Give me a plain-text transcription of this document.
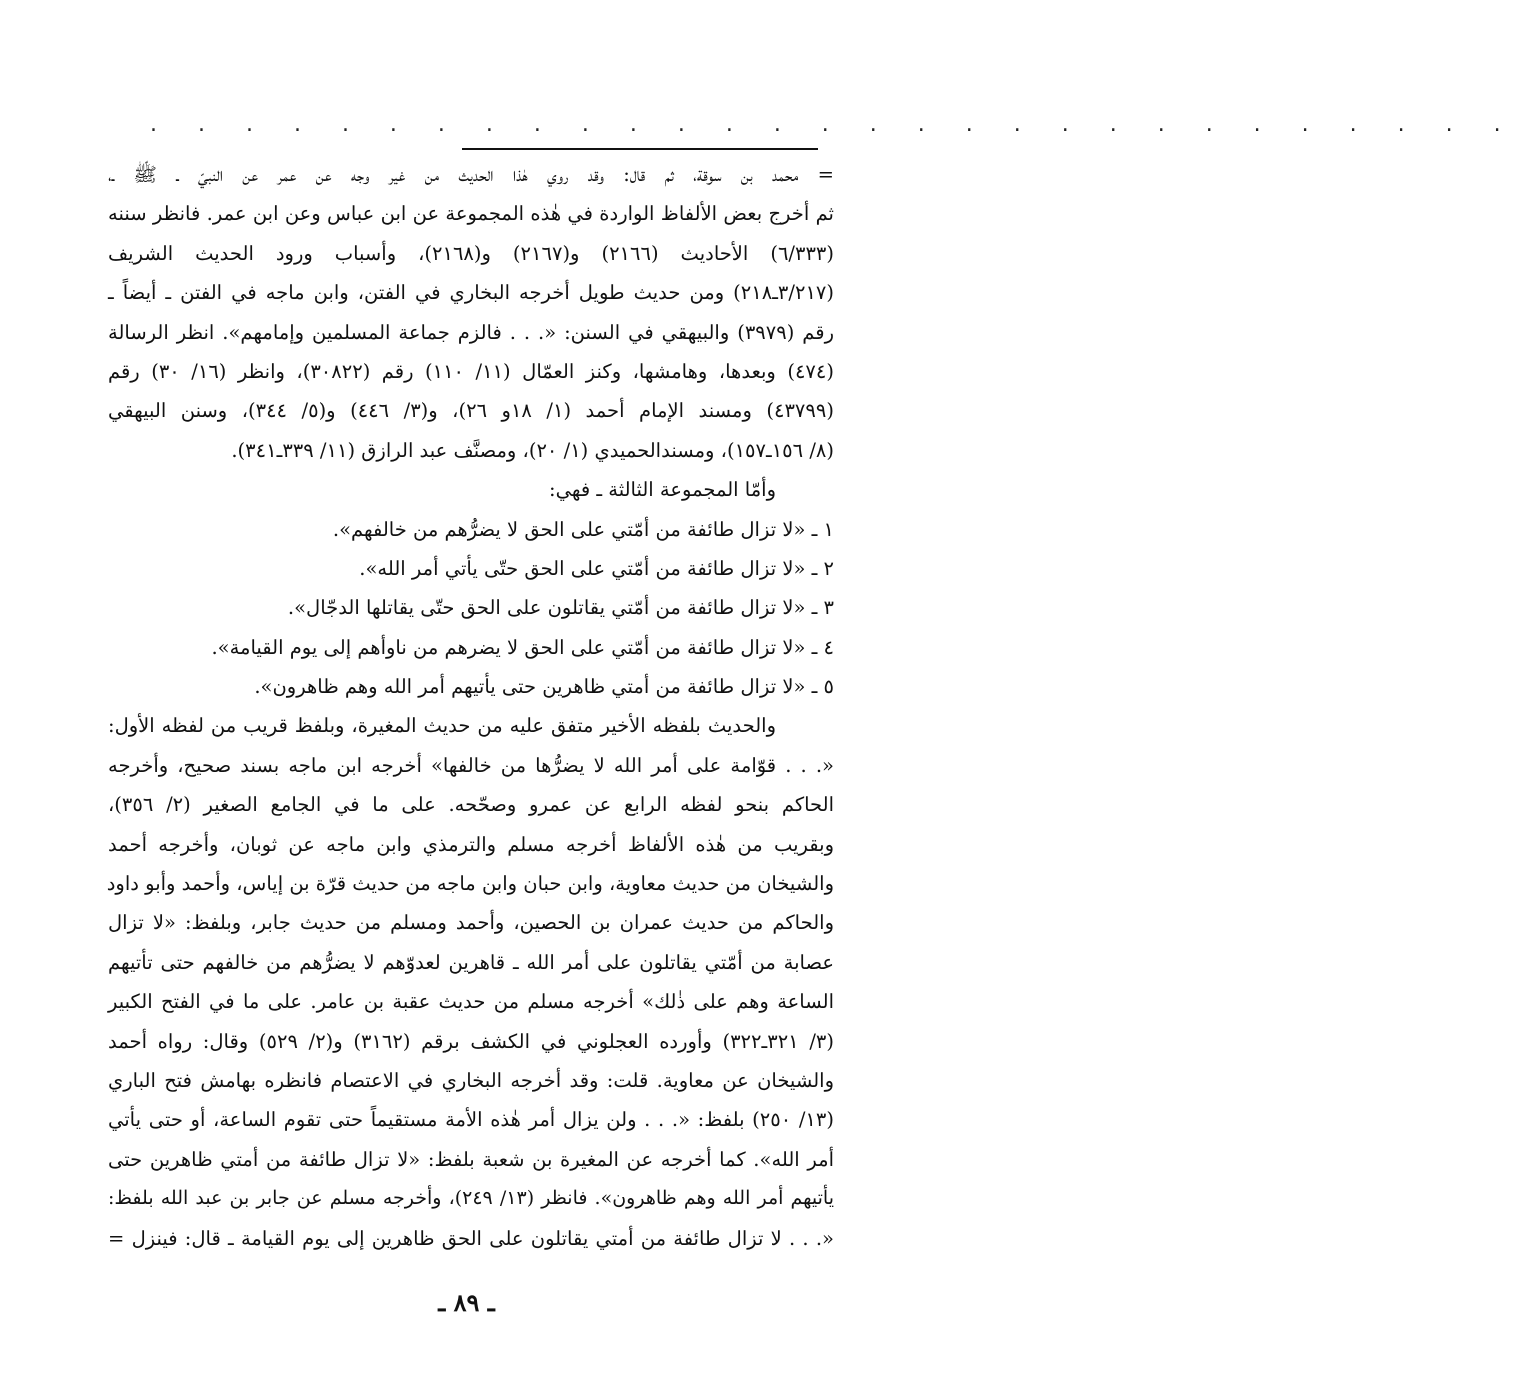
. . . . . . . . . . . . . . . . . . . . . . . . . . . . .
= محمد بن سوقة، ثم قال: وقد روي هٰذا الحديث من غير وجه عن عمر عن النبيّ ـ ﷺ ـ،
ثم أخرج بعض الألفاظ الواردة في هٰذه المجموعة عن ابن عباس وعن ابن عمر. فانظر سننه
(٦/٣٣٣) الأحاديث (٢١٦٦) و(٢١٦٧) و(٢١٦٨)، وأسباب ورود الحديث الشريف
(٣/٢١٧ـ٢١٨) ومن حديث طويل أخرجه البخاري في الفتن، وابن ماجه في الفتن ـ أيضاً ـ
رقم (٣٩٧٩) والبيهقي في السنن: «. . . فالزم جماعة المسلمين وإمامهم». انظر الرسالة
(٤٧٤) وبعدها، وهامشها، وكنز العمّال (١١/ ١١٠) رقم (٣٠٨٢٢)، وانظر (١٦/ ٣٠) رقم
(٤٣٧٩٩) ومسند الإمام أحمد (١/ ١٨و ٢٦)، و(٣/ ٤٤٦) و(٥/ ٣٤٤)، وسنن البيهقي
(٨/ ١٥٦ـ١٥٧)، ومسندالحميدي (١/ ٢٠)، ومصنَّف عبد الرازق (١١/ ٣٣٩ـ٣٤١).
وأمّا المجموعة الثالثة ـ فهي:
١ ـ «لا تزال طائفة من أمّتي على الحق لا يضرُّهم من خالفهم».
٢ ـ «لا تزال طائفة من أمّتي على الحق حتّى يأتي أمر الله».
٣ ـ «لا تزال طائفة من أمّتي يقاتلون على الحق حتّى يقاتلها الدجّال».
٤ ـ «لا تزال طائفة من أمّتي على الحق لا يضرهم من ناوأهم إلى يوم القيامة».
٥ ـ «لا تزال طائفة من أمتي ظاهرين حتى يأتيهم أمر الله وهم ظاهرون».
والحديث بلفظه الأخير متفق عليه من حديث المغيرة، وبلفظ قريب من لفظه الأول:
«. . . قوّامة على أمر الله لا يضرُّها من خالفها» أخرجه ابن ماجه بسند صحيح، وأخرجه
الحاكم بنحو لفظه الرابع عن عمرو وصحّحه. على ما في الجامع الصغير (٢/ ٣٥٦)،
وبقريب من هٰذه الألفاظ أخرجه مسلم والترمذي وابن ماجه عن ثوبان، وأخرجه أحمد
والشيخان من حديث معاوية، وابن حبان وابن ماجه من حديث قرّة بن إياس، وأحمد وأبو داود
والحاكم من حديث عمران بن الحصين، وأحمد ومسلم من حديث جابر، وبلفظ: «لا تزال
عصابة من أمّتي يقاتلون على أمر الله ـ قاهرين لعدوّهم لا يضرُّهم من خالفهم حتى تأتيهم
الساعة وهم على ذٰلك» أخرجه مسلم من حديث عقبة بن عامر. على ما في الفتح الكبير
(٣/ ٣٢١ـ٣٢٢) وأورده العجلوني في الكشف برقم (٣١٦٢) و(٢/ ٥٢٩) وقال: رواه أحمد
والشيخان عن معاوية. قلت: وقد أخرجه البخاري في الاعتصام فانظره بهامش فتح الباري
(١٣/ ٢٥٠) بلفظ: «. . . ولن يزال أمر هٰذه الأمة مستقيماً حتى تقوم الساعة، أو حتى يأتي
أمر الله». كما أخرجه عن المغيرة بن شعبة بلفظ: «لا تزال طائفة من أمتي ظاهرين حتى
يأتيهم أمر الله وهم ظاهرون». فانظر (١٣/ ٢٤٩)، وأخرجه مسلم عن جابر بن عبد الله بلفظ:
«. . . لا تزال طائفة من أمتي يقاتلون على الحق ظاهرين إلى يوم القيامة ـ قال: فينزل =
ـ ٨٩ ـ
